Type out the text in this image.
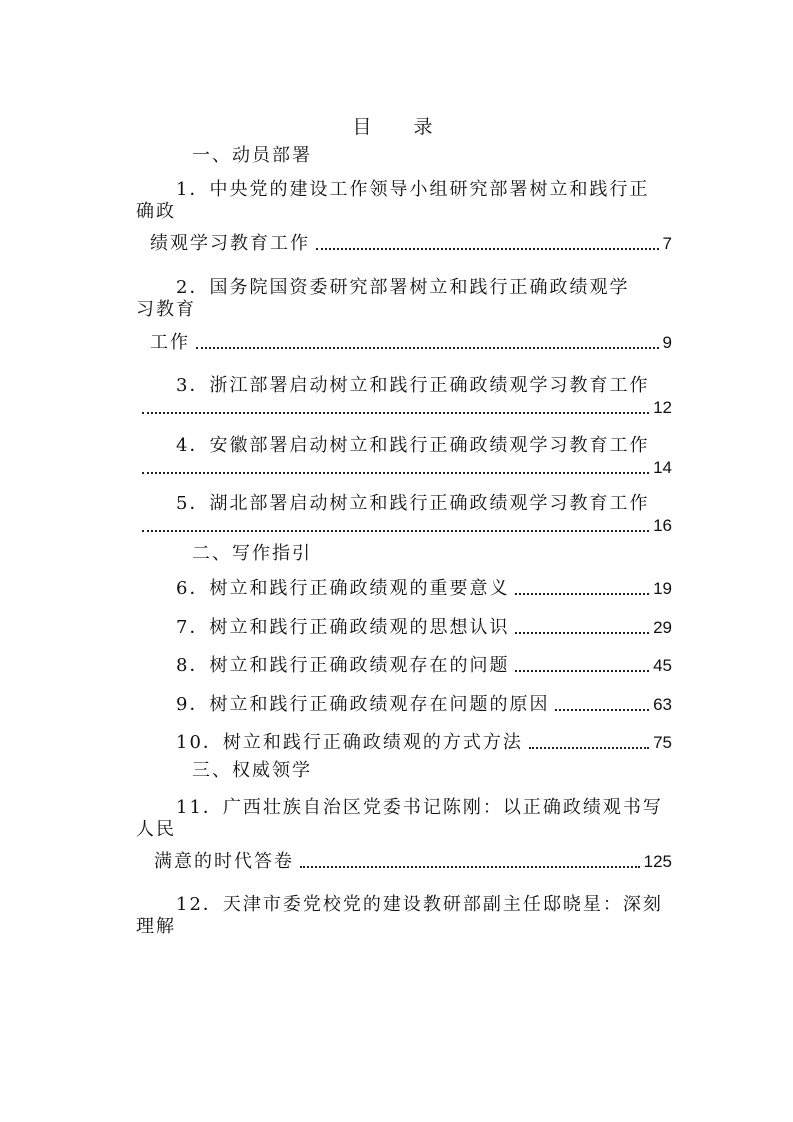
目 录
一、动员部署
1．中央党的建设工作领导小组研究部署树立和践行正
确政
绩观学习教育工作	7
2．国务院国资委研究部署树立和践行正确政绩观学
习教育
工作	9
3．浙江部署启动树立和践行正确政绩观学习教育工作
12
4．安徽部署启动树立和践行正确政绩观学习教育工作
14
5．湖北部署启动树立和践行正确政绩观学习教育工作
16
二、写作指引
6．树立和践行正确政绩观的重要意义	19
7．树立和践行正确政绩观的思想认识	29
8．树立和践行正确政绩观存在的问题	45
9．树立和践行正确政绩观存在问题的原因	63
10．树立和践行正确政绩观的方式方法	75
三、权威领学
11．广西壮族自治区党委书记陈刚：以正确政绩观书写
人民
满意的时代答卷	125
12．天津市委党校党的建设教研部副主任邸晓星：深刻
理解
